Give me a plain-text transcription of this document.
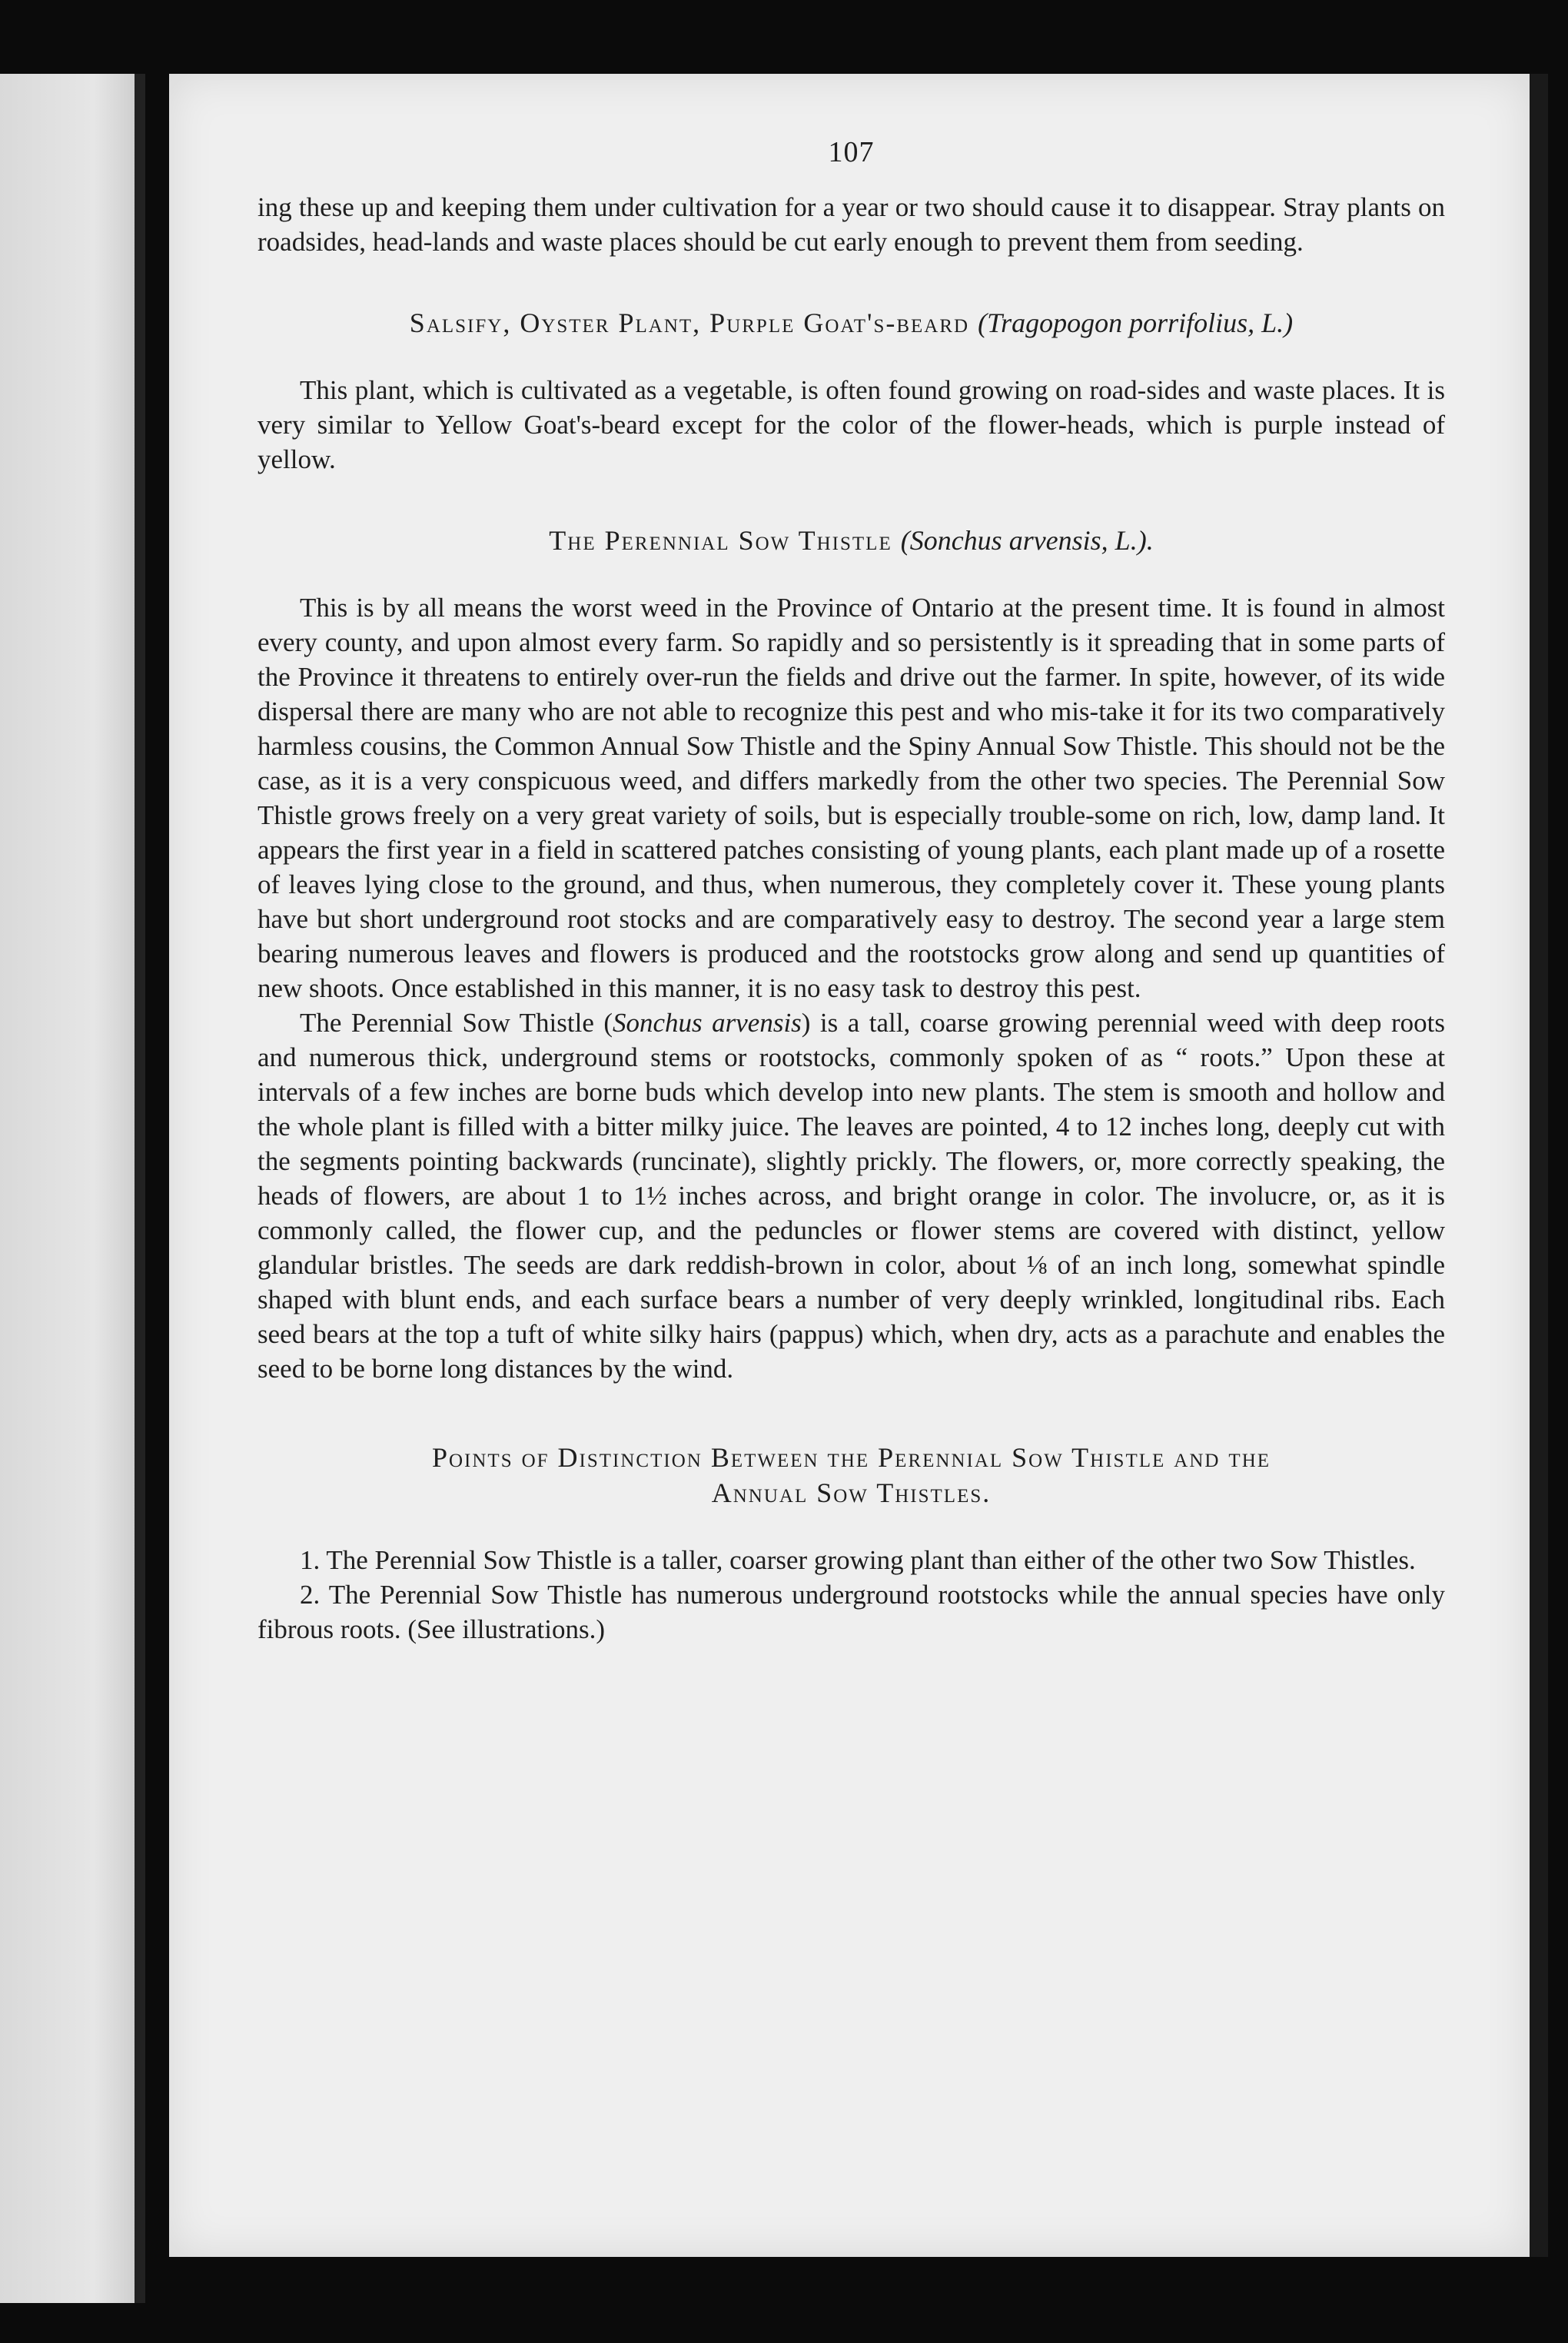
107

ing these up and keeping them under cultivation for a year or two should cause it to disappear. Stray plants on roadsides, head-lands and waste places should be cut early enough to prevent them from seeding.

Salsify, Oyster Plant, Purple Goat's-beard (Tragopogon porrifolius, L.)

This plant, which is cultivated as a vegetable, is often found growing on road-sides and waste places. It is very similar to Yellow Goat's-beard except for the color of the flower-heads, which is purple instead of yellow.

The Perennial Sow Thistle (Sonchus arvensis, L.).

This is by all means the worst weed in the Province of Ontario at the present time. It is found in almost every county, and upon almost every farm. So rapidly and so persistently is it spreading that in some parts of the Province it threatens to entirely over-run the fields and drive out the farmer. In spite, however, of its wide dispersal there are many who are not able to recognize this pest and who mis-take it for its two comparatively harmless cousins, the Common Annual Sow Thistle and the Spiny Annual Sow Thistle. This should not be the case, as it is a very conspicuous weed, and differs markedly from the other two species. The Perennial Sow Thistle grows freely on a very great variety of soils, but is especially trouble-some on rich, low, damp land. It appears the first year in a field in scattered patches consisting of young plants, each plant made up of a rosette of leaves lying close to the ground, and thus, when numerous, they completely cover it. These young plants have but short underground root stocks and are comparatively easy to destroy. The second year a large stem bearing numerous leaves and flowers is produced and the rootstocks grow along and send up quantities of new shoots. Once established in this manner, it is no easy task to destroy this pest.

The Perennial Sow Thistle (Sonchus arvensis) is a tall, coarse growing perennial weed with deep roots and numerous thick, underground stems or rootstocks, commonly spoken of as “ roots.” Upon these at intervals of a few inches are borne buds which develop into new plants. The stem is smooth and hollow and the whole plant is filled with a bitter milky juice. The leaves are pointed, 4 to 12 inches long, deeply cut with the segments pointing backwards (runcinate), slightly prickly. The flowers, or, more correctly speaking, the heads of flowers, are about 1 to 1½ inches across, and bright orange in color. The involucre, or, as it is commonly called, the flower cup, and the peduncles or flower stems are covered with distinct, yellow glandular bristles. The seeds are dark reddish-brown in color, about ⅛ of an inch long, somewhat spindle shaped with blunt ends, and each surface bears a number of very deeply wrinkled, longitudinal ribs. Each seed bears at the top a tuft of white silky hairs (pappus) which, when dry, acts as a parachute and enables the seed to be borne long distances by the wind.

Points of Distinction Between the Perennial Sow Thistle and the
Annual Sow Thistles.

1. The Perennial Sow Thistle is a taller, coarser growing plant than either of the other two Sow Thistles.

2. The Perennial Sow Thistle has numerous underground rootstocks while the annual species have only fibrous roots. (See illustrations.)
